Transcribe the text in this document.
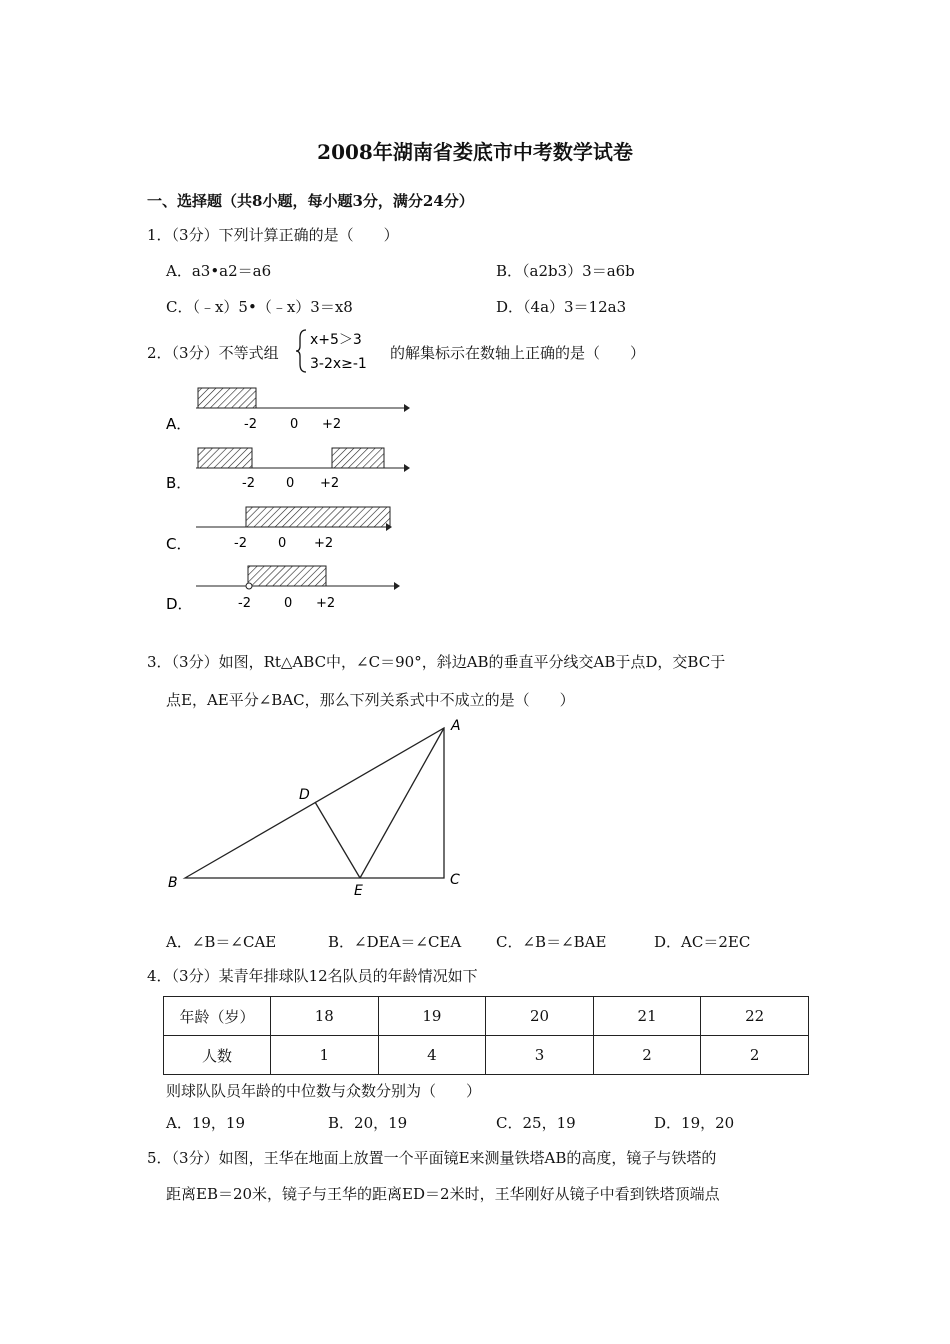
2008年湖南省娄底市中考数学试卷
一、选择题（共8小题，每小题3分，满分24分）
1．（3分）下列计算正确的是（　　）
A．a3•a2＝a6	B．（a2b3）3＝a6b
C．（﹣x）5•（﹣x）3＝x8	D．（4a）3＝12a3
2．（3分）不等式组
x+5＞3
3-2x≥-1
的解集标示在数轴上正确的是（　　）
A．	-2	0 +2
B．	-2 0 +2
C．	-2 0 +2
D．	-2	0 +2
3．（3分）如图，Rt△ABC中，∠C＝90°，斜边AB的垂直平分线交AB于点D，交BC于
点E，AE平分∠BAC，那么下列关系式中不成立的是（　　）
A
B	C
D
E
A．∠B＝∠CAE	B．∠DEA＝∠CEA C．∠B＝∠BAE	D．AC＝2EC
4．（3分）某青年排球队12名队员的年龄情况如下
年龄（岁）	18	19	20	21	22
人数	1	4	3	2	2
则球队队员年龄的中位数与众数分别为（　　）
A．19，19	B．20，19	C．25，19	D．19，20
5．（3分）如图，王华在地面上放置一个平面镜E来测量铁塔AB的高度，镜子与铁塔的
距离EB＝20米，镜子与王华的距离ED＝2米时，王华刚好从镜子中看到铁塔顶端点
